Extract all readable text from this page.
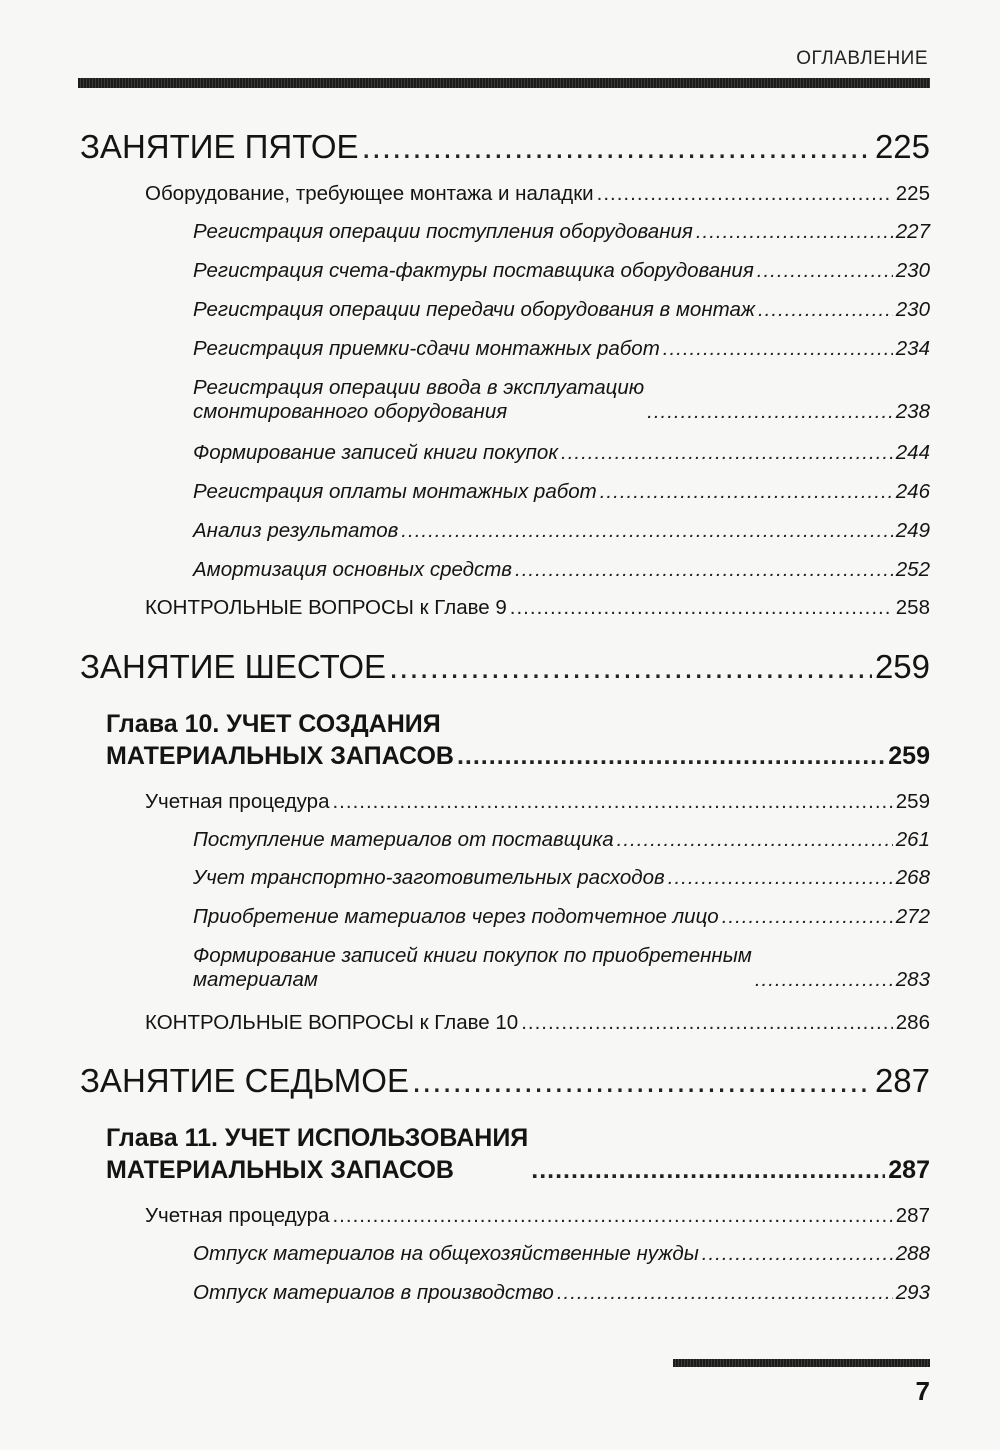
ОГЛАВЛЕНИЕ
ЗАНЯТИЕ ПЯТОЕ .....	225
Оборудование, требующее монтажа и наладки .....	225
Регистрация операции поступления оборудования .....	227
Регистрация счета-фактуры поставщика оборудования .....	230
Регистрация операции передачи оборудования в монтаж .....	230
Регистрация приемки-сдачи монтажных работ .....	234
Регистрация операции ввода в эксплуатацию
смонтированного оборудования .....	238
Формирование записей книги покупок .....	244
Регистрация оплаты монтажных работ .....	246
Анализ результатов .....	249
Амортизация основных средств .....	252
КОНТРОЛЬНЫЕ ВОПРОСЫ к Главе 9 .....	258
ЗАНЯТИЕ ШЕСТОЕ .....	259
Глава 10. УЧЕТ СОЗДАНИЯ
МАТЕРИАЛЬНЫХ ЗАПАСОВ .....	259
Учетная процедура .....	259
Поступление материалов от поставщика .....	261
Учет транспортно-заготовительных расходов .....	268
Приобретение материалов через подотчетное лицо .....	272
Формирование записей книги покупок по приобретенным
материалам .....	283
КОНТРОЛЬНЫЕ ВОПРОСЫ к Главе 10 .....	286
ЗАНЯТИЕ СЕДЬМОЕ .....	287
Глава 11. УЧЕТ ИСПОЛЬЗОВАНИЯ
МАТЕРИАЛЬНЫХ ЗАПАСОВ .....	287
Учетная процедура .....	287
Отпуск материалов на общехозяйственные нужды .....	288
Отпуск материалов в производство .....	293
7
